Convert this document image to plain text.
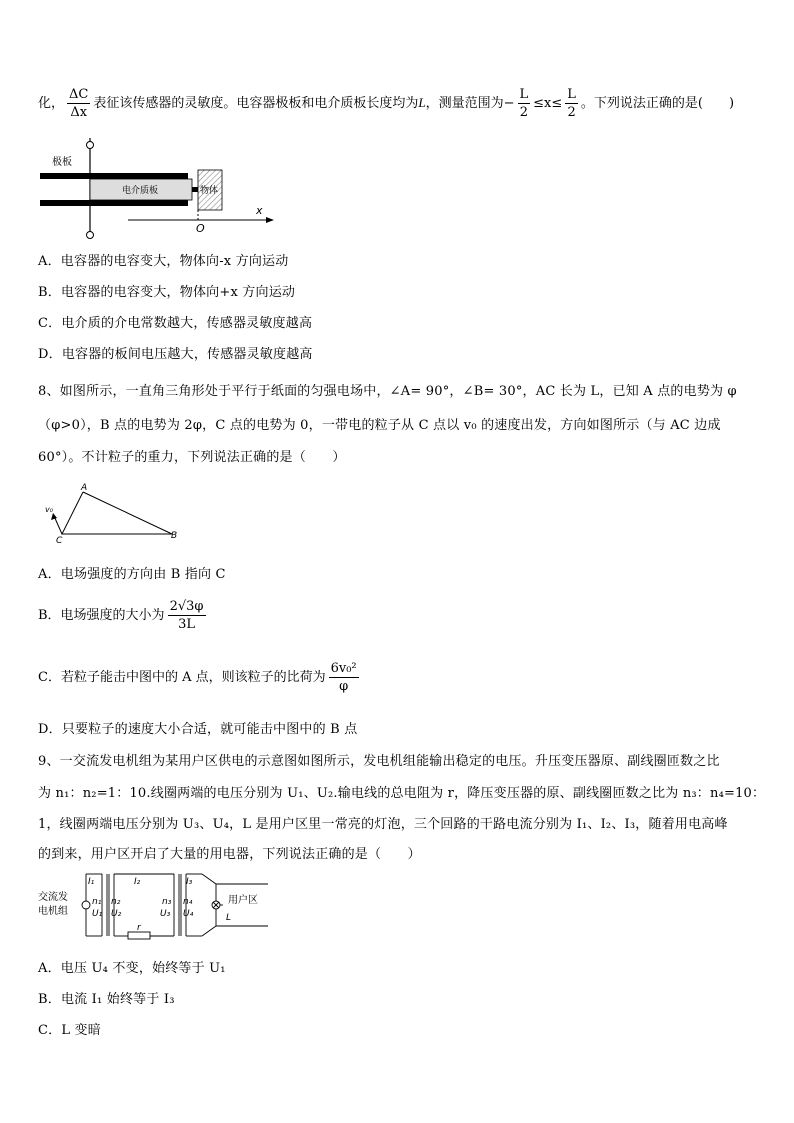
化， $\frac{\Delta C}{\Delta x}$ 表征该传感器的灵敏度。电容器极板和电介质板长度均为L，测量范围为− $\frac{L}{2} \le x\le \frac{L}{2}$ 。下列说法正确的是(　　)
极板
电介质板	物体
x
O
A．电容器的电容变大，物体向-x 方向运动
B．电容器的电容变大，物体向+x 方向运动
C．电介质的介电常数越大，传感器灵敏度越高
D．电容器的板间电压越大，传感器灵敏度越高
8、如图所示，一直角三角形处于平行于纸面的匀强电场中，∠A= 90°，∠B= 30°，AC 长为 L，已知 A 点的电势为 φ
（φ>0），B 点的电势为 2φ，C 点的电势为 0，一带电的粒子从 C 点以 v₀ 的速度出发，方向如图所示（与 AC 边成
60°）。不计粒子的重力，下列说法正确的是（　　）
A
B
C
v₀
A．电场强度的方向由 B 指向 C
B．电场强度的大小为 $\frac{2√3\varphi}{3L}$
C．若粒子能击中图中的 A 点，则该粒子的比荷为 $\frac{\text{6v₀²}}{\varphi}$
D．只要粒子的速度大小合适，就可能击中图中的 B 点
9、一交流发电机组为某用户区供电的示意图如图所示，发电机组能输出稳定的电压。升压变压器原、副线圈匝数之比
为 n₁：n₂=1：10.线圈两端的电压分别为 U₁、U₂.输电线的总电阻为 r，降压变压器的原、副线圈匝数之比为 n₃：n₄=10：
1，线圈两端电压分别为 U₃、U₄，L 是用户区里一常亮的灯泡，三个回路的干路电流分别为 I₁、I₂、I₃，随着用电高峰
的到来，用户区开启了大量的用电器，下列说法正确的是（　　）
交流发
电机组
I₁	I₂	I₃
n₁
U₁
n₂
U₂
n₃
U₃
n₄
U₄
r
用户区
L
A．电压 U₄ 不变，始终等于 U₁
B．电流 I₁ 始终等于 I₃
C．L 变暗
